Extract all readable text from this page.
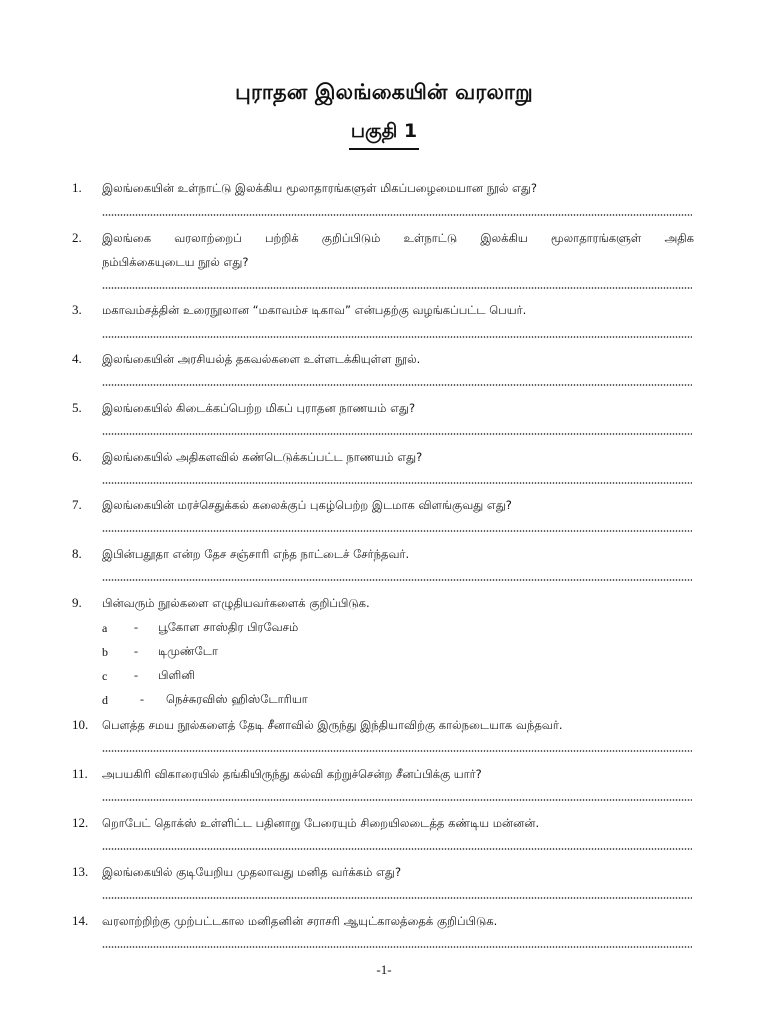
புராதன இலங்கையின் வரலாறு
பகுதி 1
1. இலங்கையின் உள்நாட்டு இலக்கிய மூலாதாரங்களுள் மிகப்பழைமையான நூல் எது?
2. இலங்கை வரலாற்றைப் பற்றிக் குறிப்பிடும் உள்நாட்டு இலக்கிய மூலாதாரங்களுள் அதிக
நம்பிக்கையுடைய நூல் எது?
3. மகாவம்சத்தின் உரைநூலான “மகாவம்ச டிகாவ” என்பதற்கு வழங்கப்பட்ட பெயர்.
4. இலங்கையின் அரசியல்த் தகவல்களை உள்ளடக்கியுள்ள நூல்.
5. இலங்கையில் கிடைக்கப்பெற்ற மிகப் புராதன நாணயம் எது?
6. இலங்கையில் அதிகளவில் கண்டெடுக்கப்பட்ட நாணயம் எது?
7. இலங்கையின் மரச்செதுக்கல் கலைக்குப் புகழ்பெற்ற இடமாக விளங்குவது எது?
8. இபின்பதூதா என்ற தேச சஞ்சாரி எந்த நாட்டைச் சேர்ந்தவர்.
9. பின்வரும் நூல்களை எழுதியவர்களைக் குறிப்பிடுக.
a - பூகோள சாஸ்திர பிரவேசம்
b - டிமுண்டோ
c - பிளினி
d	- நெச்சுரவிஸ் ஹிஸ்டோரியா
10. பௌத்த சமய நூல்களைத் தேடி சீனாவில் இருந்து இந்தியாவிற்கு கால்நடையாக வந்தவர்.
11. அபயகிரி விகாரையில் தங்கியிருந்து கல்வி கற்றுச்சென்ற சீனப்பிக்கு யார்?
12. றொபேட் தொக்ஸ் உள்ளிட்ட பதினாறு பேரையும் சிறையிலடைத்த கண்டிய மன்னன்.
13. இலங்கையில் குடியேறிய முதலாவது மனித வர்க்கம் எது?
14. வரலாற்றிற்கு முற்பட்டகால மனிதனின் சராசரி ஆயுட்காலத்தைக் குறிப்பிடுக.
-1-
